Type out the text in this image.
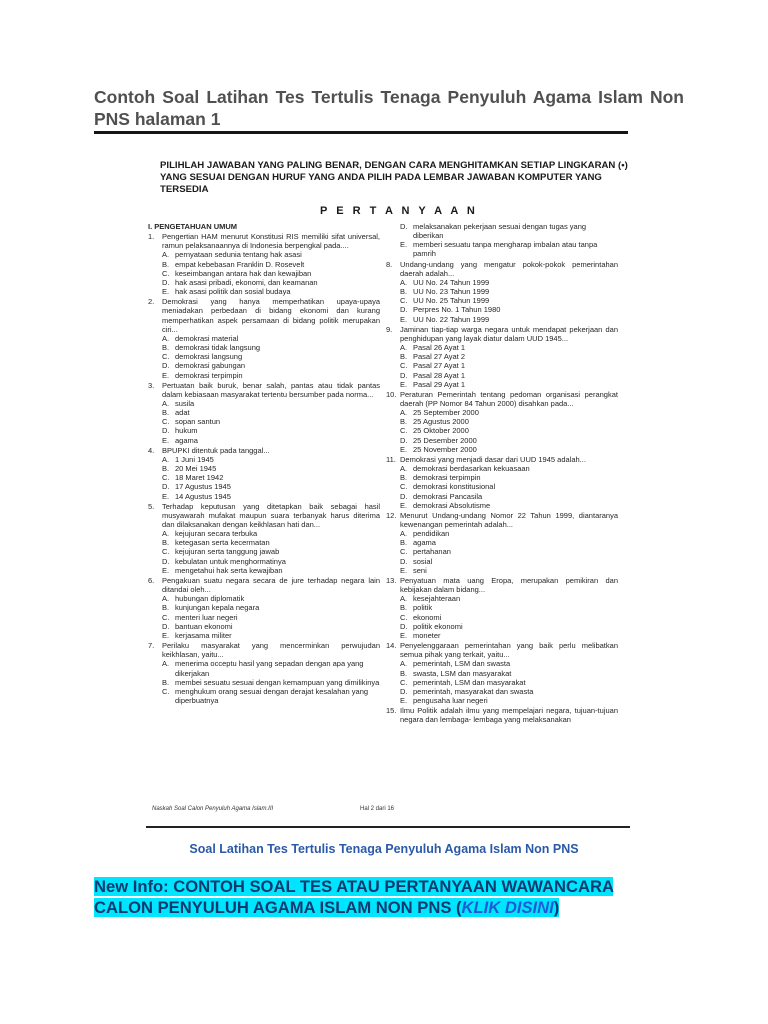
Contoh Soal Latihan Tes Tertulis Tenaga Penyuluh Agama Islam Non PNS halaman 1
PILIHLAH JAWABAN YANG PALING BENAR, DENGAN CARA MENGHITAMKAN SETIAP LINGKARAN (•) YANG SESUAI DENGAN HURUF YANG ANDA PILIH PADA LEMBAR JAWABAN KOMPUTER YANG TERSEDIA
P E R T A N Y A A N
I. PENGETAHUAN UMUM
1.	Pengertian HAM menurut Konstitusi RIS memiliki sifat universal, ramun pelaksanaannya di Indonesia berpengkal pada....
A. pernyataan sedunia tentang hak asasi
B. empat kebebasan Franklin D. Rosevelt
C. keseimbangan antara hak dan kewajiban
D. hak asasi pribadi, ekonomi, dan keamanan
E. hak asasi politik dan sosial budaya
2.	Demokrasi yang hanya memperhatikan upaya-upaya meniadakan perbedaan di bidang ekonomi dan kurang memperhatikan aspek persamaan di bidang politik merupakan ciri...
A. demokrasi material
B. demokrasi tidak langsung
C. demokrasi langsung
D. demokrasi gabungan
E. demokrasi terpimpin
3.	Pertuatan baik buruk, benar salah, pantas atau tidak pantas dalam kebiasaan masyarakat tertentu bersumber pada norma...
A. susila
B. adat
C. sopan santun
D. hukum
E. agama
4.	BPUPKI ditentuk pada tanggal...
A. 1 Juni 1945
B. 20 Mei 1945
C. 18 Maret 1942
D. 17 Agustus 1945
E. 14 Agustus 1945
5.	Terhadap keputusan yang ditetapkan baik sebagai hasil musyawarah mufakat maupun suara terbanyak harus diterima dan dilaksanakan dengan keikhlasan hati dan...
A. kejujuran secara terbuka
B. ketegasan serta kecermatan
C. kejujuran serta tanggung jawab
D. kebulatan untuk menghormatinya
E. mengetahui hak serta kewajiban
6.	Pengakuan suatu negara secara de jure terhadap negara lain ditandai oleh...
A. hubungan diplomatik
B. kunjungan kepala negara
C. menteri luar negeri
D. bantuan ekonomi
E. kerjasama militer
7.	Perilaku masyarakat yang mencerminkan perwujudan keikhlasan, yaitu...
A. menerima occeptu hasil yang sepadan dengan apa yang dikerjakan
B. membei sesuatu sesuai dengan kemampuan yang dimilikinya
C. menghukum orang sesuai dengan derajat kesalahan yang diperbuatnya
D. melaksanakan pekerjaan sesuai dengan tugas yang diberikan
E. memberi sesuatu tanpa mengharap imbalan atau tanpa pamrih
8.	Undang-undang yang mengatur pokok-pokok pemerintahan daerah adalah...
A. UU No. 24 Tahun 1999
B. UU No. 23 Tahun 1999
C. UU No. 25 Tahun 1999
D. Perpres No. 1 Tahun 1980
E. UU No. 22 Tahun 1999
9.	Jaminan tiap-tiap warga negara untuk mendapat pekerjaan dan penghidupan yang layak diatur dalam UUD 1945...
A. Pasal 26 Ayat 1
B. Pasal 27 Ayat 2
C. Pasal 27 Ayat 1
D. Pasal 28 Ayat 1
E. Pasal 29 Ayat 1
10. Peraturan Pemerintah tentang pedoman organisasi perangkat daerah (PP Nomor 84 Tahun 2000) disahkan pada...
A. 25 September 2000
B. 25 Agustus 2000
C. 25 Oktober 2000
D. 25 Desember 2000
E. 25 November 2000
11. Demokrasi yang menjadi dasar dari UUD 1945 adalah...
A. demokrasi berdasarkan kekuasaan
B. demokrasi terpimpin
C. demokrasi konstitusional
D. demokrasi Pancasila
E. demokrasi Absolutisme
12. Menurut Undang-undang Nomor 22 Tahun 1999, diantaranya kewenangan pemerintah adalah...
A. pendidikan
B. agama
C. pertahanan
D. sosial
E. seni
13. Penyatuan mata uang Eropa, merupakan pemikiran dan kebijakan dalam bidang...
A. kesejahteraan
B. politik
C. ekonomi
D. politik ekonomi
E. moneter
14. Penyelenggaraan pemerintahan yang baik perlu melibatkan semua pihak yang terkait, yaitu...
A. pemerintah, LSM dan swasta
B. swasta, LSM dan masyarakat
C. pemerintah, LSM dan masyarakat
D. pemerintah, masyarakat dan swasta
E. pengusaha luar negeri
15. Ilmu Politik adalah ilmu yang mempelajari negara, tujuan-tujuan negara dan lembaga- lembaga yang melaksanakan
Naskah Soal Calon Penyuluh Agama Islam.III	Hal 2 dari 16
Soal Latihan Tes Tertulis Tenaga Penyuluh Agama Islam Non PNS
New Info: CONTOH SOAL TES ATAU PERTANYAAN WAWANCARA CALON PENYULUH AGAMA ISLAM NON PNS (KLIK DISINI)
